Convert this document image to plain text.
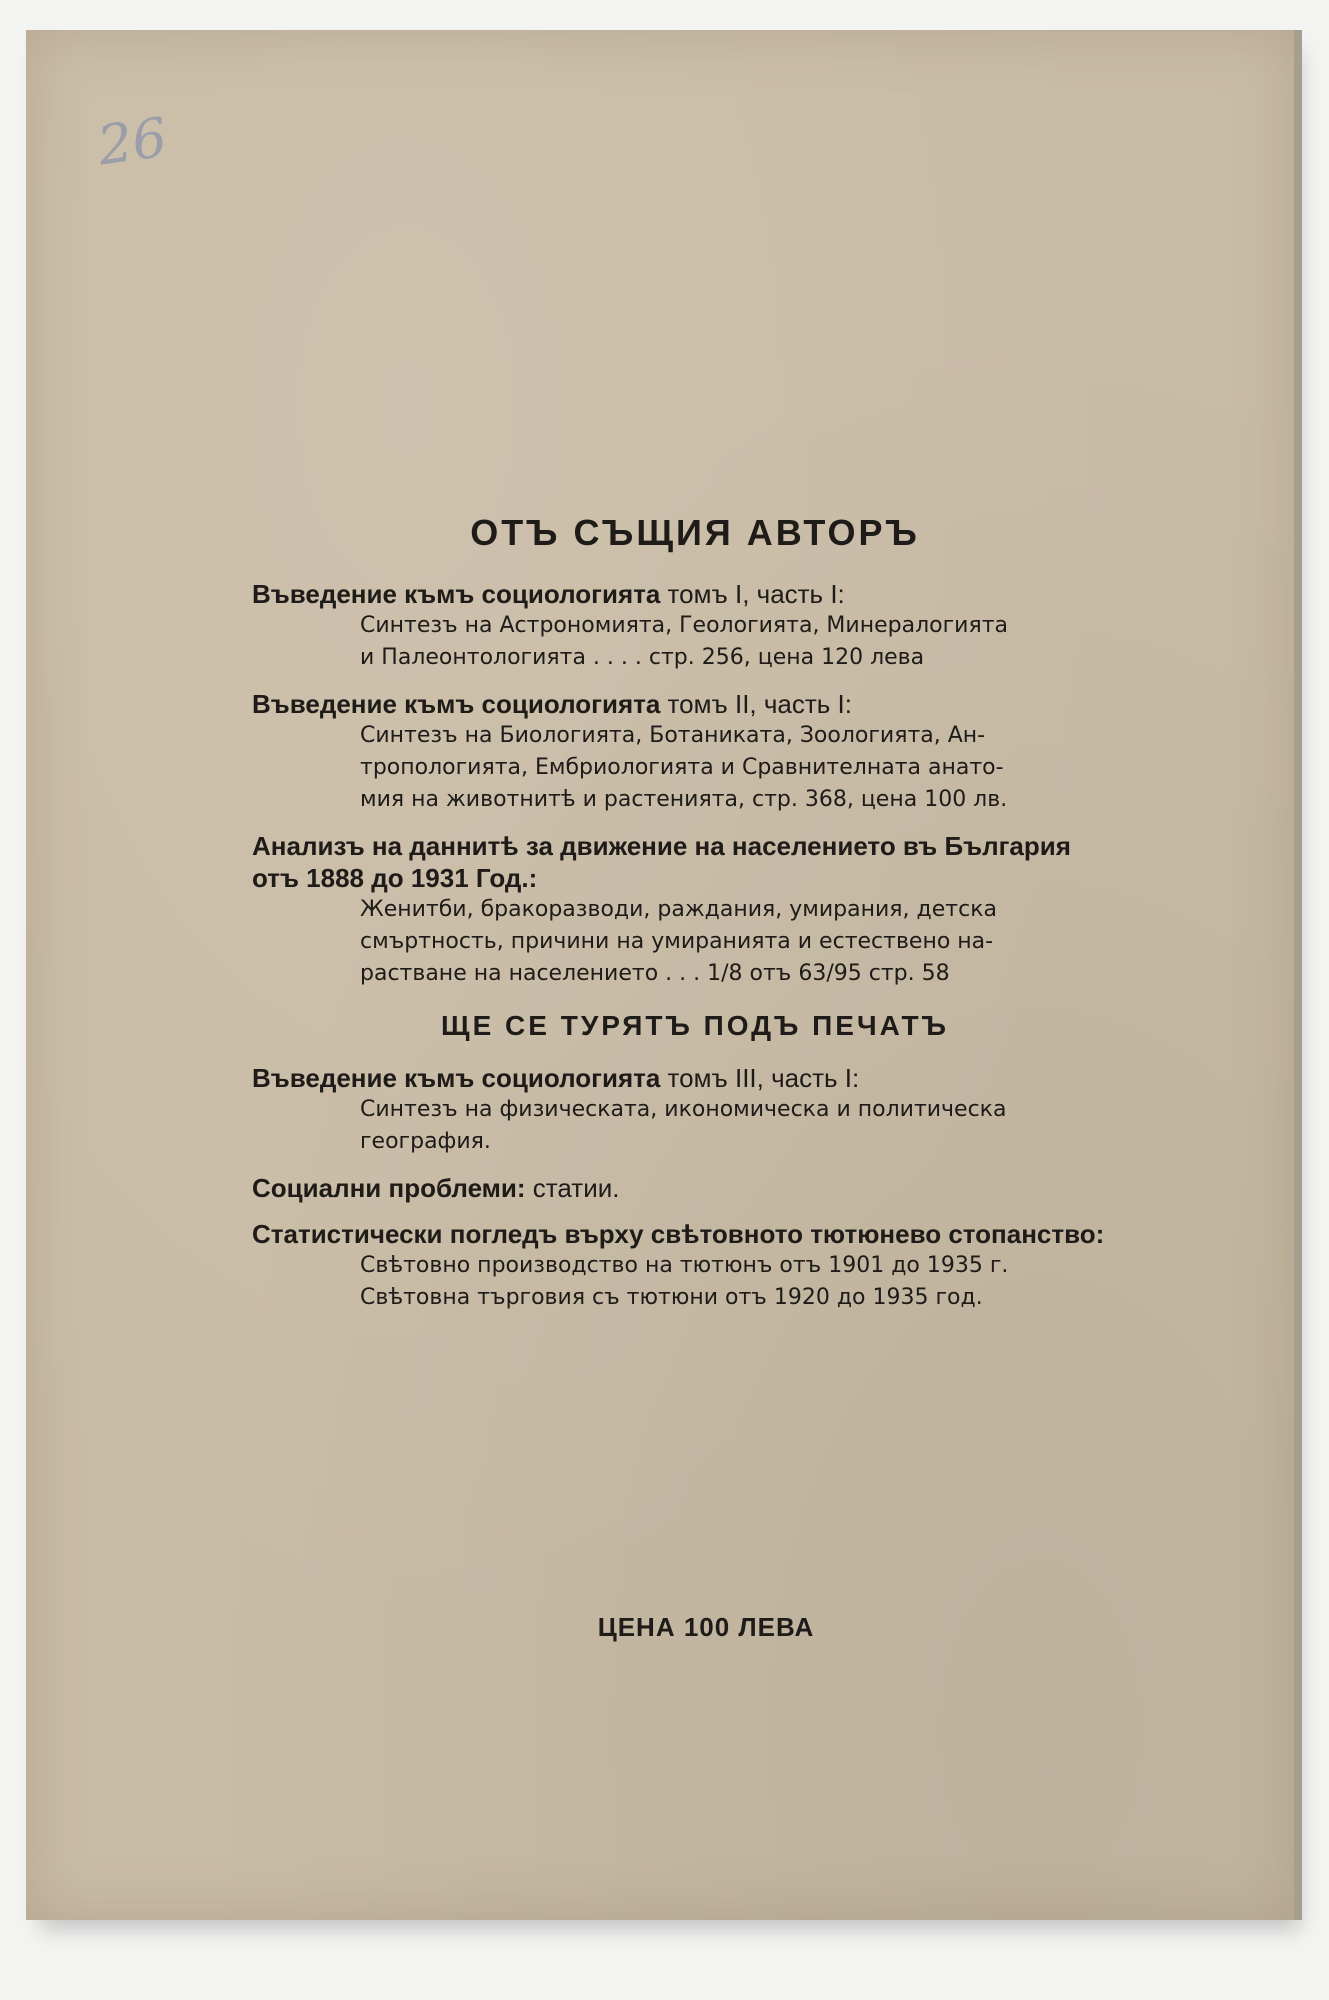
26
ОТЪ СЪЩИЯ АВТОРЪ
Въведение къмъ социологията томъ I, часть I:
Синтезъ на Астрономията, Геологията, Минералогията
и Палеонтологията . . . . стр. 256, цена 120 лева
Въведение къмъ социологията томъ II, часть I:
Синтезъ на Биологията, Ботаниката, Зоологията, Ан-
тропологията, Ембриологията и Сравнителната анато-
мия на животнитѣ и растенията, стр. 368, цена 100 лв.
Анализъ на даннитѣ за движение на населението въ България отъ 1888 до 1931 Год.:
Женитби, бракоразводи, раждания, умирания, детска
смъртность, причини на умиранията и естествено на-
растване на населението . . . 1/8 отъ 63/95 стр. 58
ЩЕ СЕ ТУРЯТЪ ПОДЪ ПЕЧАТЪ
Въведение къмъ социологията томъ III, часть I:
Синтезъ на физическата, икономическа и политическа
география.
Социални проблеми: статии.
Статистически погледъ върху свѣтовното тютюнево стопанство:
Свѣтовно производство на тютюнъ отъ 1901 до 1935 г.
Свѣтовна търговия съ тютюни отъ 1920 до 1935 год.
ЦЕНА 100 ЛЕВА
